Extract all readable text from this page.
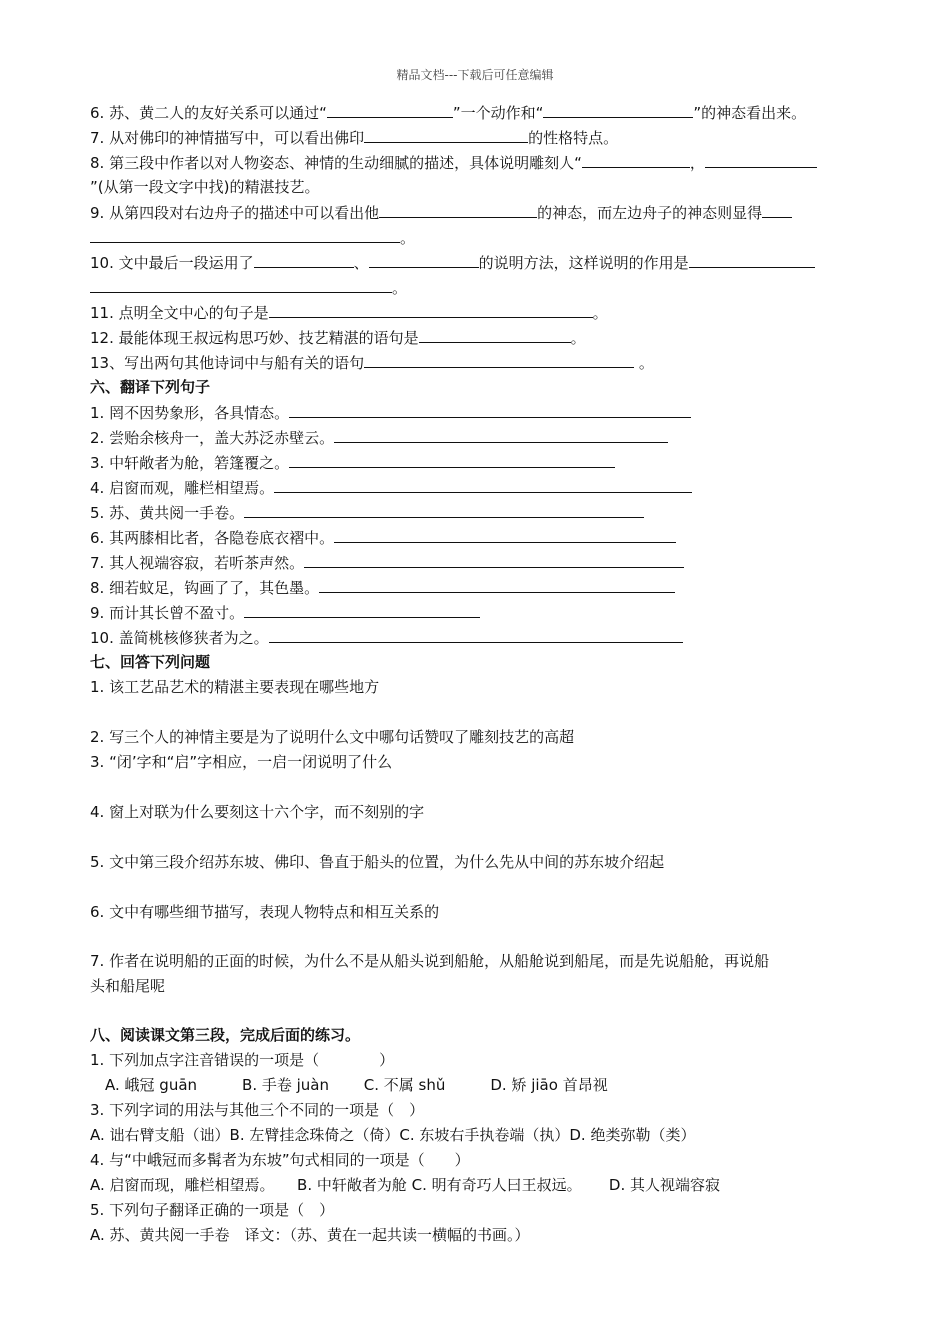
精品文档---下载后可任意编辑
6. 苏、黄二人的友好关系可以通过“	”一个动作和“	”的神态看出来。
7. 从对佛印的神情描写中，可以看出佛印	的性格特点。
8. 第三段中作者以对人物姿态、神情的生动细腻的描述，具体说明雕刻人“	，
”(从第一段文字中找)的精湛技艺。
9. 从第四段对右边舟子的描述中可以看出他	的神态，而左边舟子的神态则显得
。
10. 文中最后一段运用了	、	的说明方法，这样说明的作用是
。
11. 点明全文中心的句子是	。
12. 最能体现王叔远构思巧妙、技艺精湛的语句是	。
13、写出两句其他诗词中与船有关的语句	。
六、翻译下列句子
1. 罔不因势象形，各具情态。
2. 尝贻余核舟一，盖大苏泛赤壁云。
3. 中轩敞者为舱，箬篷覆之。
4. 启窗而观，雕栏相望焉。
5. 苏、黄共阅一手卷。
6. 其两膝相比者，各隐卷底衣褶中。
7. 其人视端容寂，若听茶声然。
8. 细若蚊足，钩画了了，其色墨。
9. 而计其长曾不盈寸。
10. 盖简桃核修狭者为之。
七、回答下列问题
1. 该工艺品艺术的精湛主要表现在哪些地方
2. 写三个人的神情主要是为了说明什么文中哪句话赞叹了雕刻技艺的高超
3. “闭’字和“启”字相应，一启一闭说明了什么
4. 窗上对联为什么要刻这十六个字，而不刻别的字
5. 文中第三段介绍苏东坡、佛印、鲁直于船头的位置，为什么先从中间的苏东坡介绍起
6. 文中有哪些细节描写，表现人物特点和相互关系的
7. 作者在说明船的正面的时候，为什么不是从船头说到船舱，从船舱说到船尾，而是先说船舱，再说船
头和船尾呢
八、阅读课文第三段，完成后面的练习。
1. 下列加点字注音错误的一项是（　　　　）
　A. 峨冠 guān　　　B. 手卷 juàn　　 C. 不属 shǔ　　　D. 矫 jiāo 首昂视
3. 下列字词的用法与其他三个不同的一项是（　）
A. 诎右臂支船（诎）B. 左臂挂念珠倚之（倚）C. 东坡右手执卷端（执）D. 绝类弥勒（类）
4. 与“中峨冠而多髯者为东坡”句式相同的一项是（　　）
A. 启窗而现，雕栏相望焉。　　B. 中轩敞者为舱 C. 明有奇巧人曰王叔远。　　 D. 其人视端容寂
5. 下列句子翻译正确的一项是（　）
A. 苏、黄共阅一手卷　译文：（苏、黄在一起共读一横幅的书画。）
